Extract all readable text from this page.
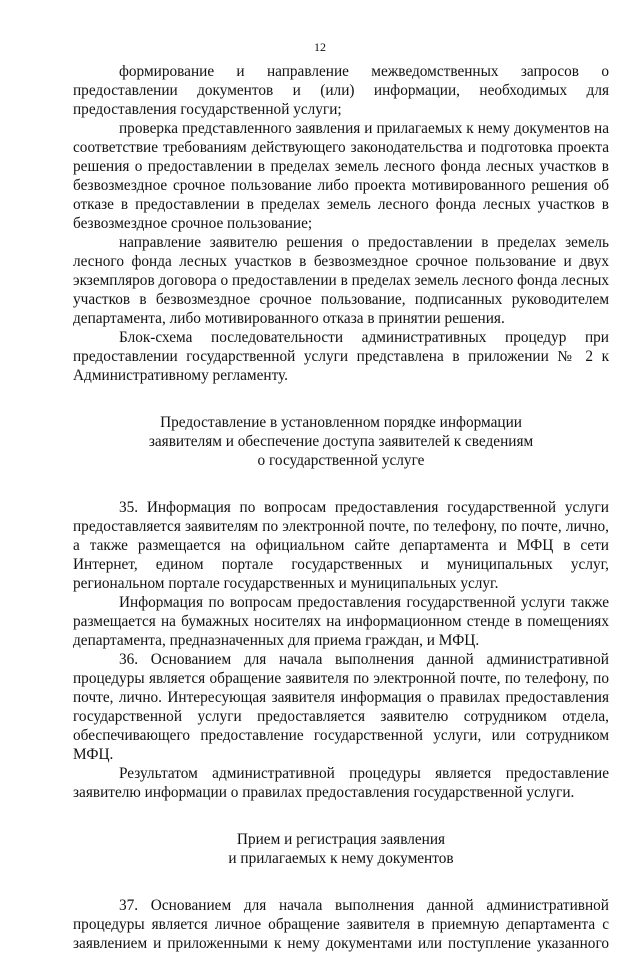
12

формирование и направление межведомственных запросов о предоставлении документов и (или) информации, необходимых для предоставления государственной услуги;

проверка представленного заявления и прилагаемых к нему документов на соответствие требованиям действующего законодательства и подготовка проекта решения о предоставлении в пределах земель лесного фонда лесных участков в безвозмездное срочное пользование либо проекта мотивированного решения об отказе в предоставлении в пределах земель лесного фонда лесных участков в безвозмездное срочное пользование;

направление заявителю решения о предоставлении в пределах земель лесного фонда лесных участков в безвозмездное срочное пользование и двух экземпляров договора о предоставлении в пределах земель лесного фонда лесных участков в безвозмездное срочное пользование, подписанных руководителем департамента, либо мотивированного отказа в принятии решения.

Блок-схема последовательности административных процедур при предоставлении государственной услуги представлена в приложении № 2 к Административному регламенту.

Предоставление в установленном порядке информации

заявителям и обеспечение доступа заявителей к сведениям

о государственной услуге

35. Информация по вопросам предоставления государственной услуги предоставляется заявителям по электронной почте, по телефону, по почте, лично, а также размещается на официальном сайте департамента и МФЦ в сети Интернет, едином портале государственных и муниципальных услуг, региональном портале государственных и муниципальных услуг.

Информация по вопросам предоставления государственной услуги также размещается на бумажных носителях на информационном стенде в помещениях департамента, предназначенных для приема граждан, и МФЦ.

36. Основанием для начала выполнения данной административной процедуры является обращение заявителя по электронной почте, по телефону, по почте, лично. Интересующая заявителя информация о правилах предоставления государственной услуги предоставляется заявителю сотрудником отдела, обеспечивающего предоставление государственной услуги, или сотрудником МФЦ.

Результатом административной процедуры является предоставление заявителю информации о правилах предоставления государственной услуги.

Прием и регистрация заявления

и прилагаемых к нему документов

37. Основанием для начала выполнения данной административной процедуры является личное обращение заявителя в приемную департамента с заявлением и приложенными к нему документами или поступление указанного
